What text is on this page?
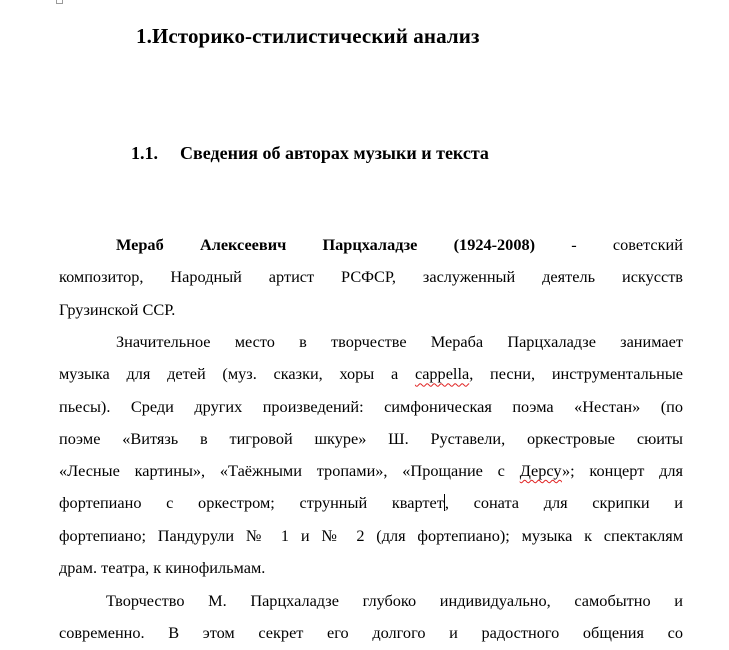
1.Историко-стилистический анализ
1.1. Сведения об авторах музыки и текста
Мераб Алексеевич Парцхаладзе (1924-2008) - советский
композитор, Народный артист РСФСР, заслуженный деятель искусств
Грузинской ССР.
Значительное место в творчестве Мераба Парцхаладзе занимает
музыка для детей (муз. сказки, хоры а cappella, песни, инструментальные
пьесы). Среди других произведений: симфоническая поэма «Нестан» (по
поэме «Витязь в тигровой шкуре» Ш. Руставели, оркестровые сюиты
«Лесные картины», «Таёжными тропами», «Прощание с Дерсу»; концерт для
фортепиано с оркестром; струнный квартет, соната для скрипки и
фортепиано; Пандурули № 1 и № 2 (для фортепиано); музыка к спектаклям
драм. театра, к кинофильмам.
Творчество М. Парцхаладзе глубоко индивидуально, самобытно и
современно. В этом секрет его долгого и радостного общения со
